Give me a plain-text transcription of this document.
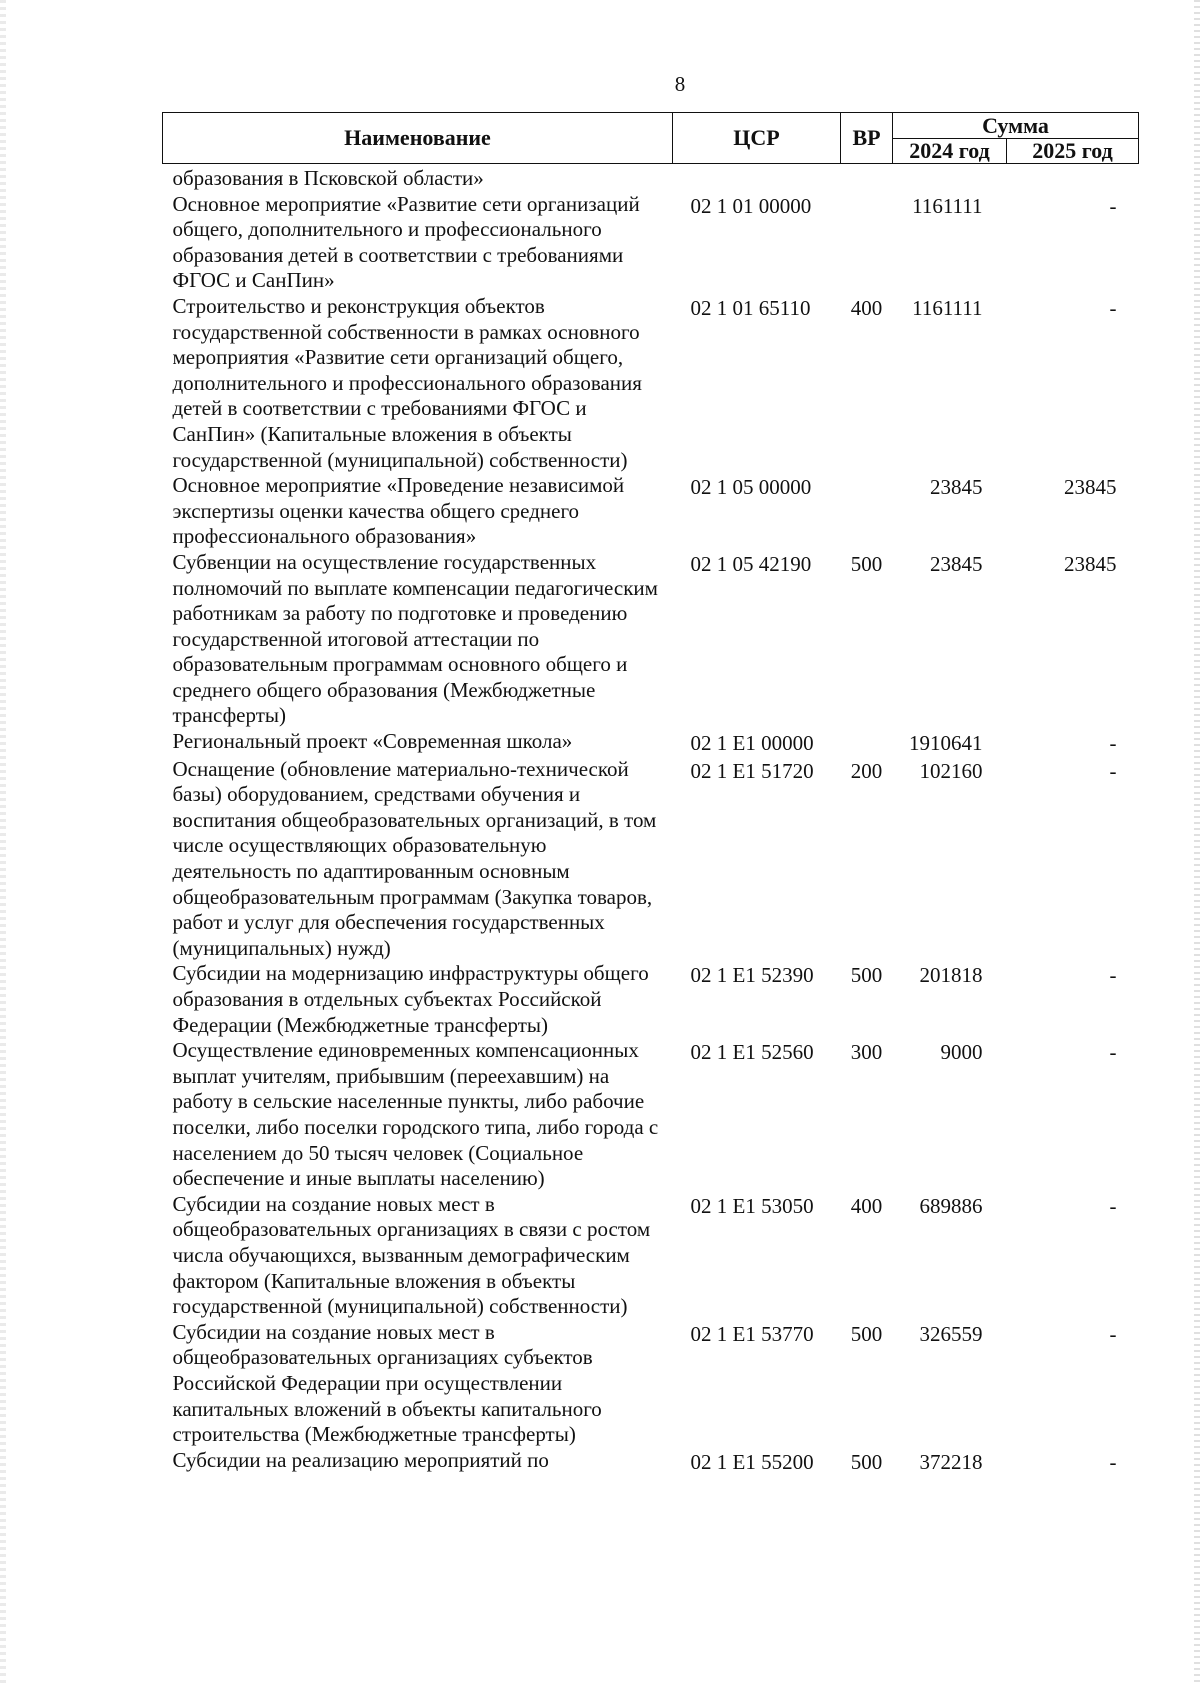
8
Наименование	ЦСР	ВР	Сумма	
			2024 год	2025 год
образования в Псковской области»				
Основное мероприятие «Развитие сети организаций общего, дополнительного и профессионального образования детей в соответствии с требованиями ФГОС и СанПин»	02 1 01 00000		1161111	-
Строительство и реконструкция объектов государственной собственности в рамках основного мероприятия «Развитие сети организаций общего, дополнительного и профессионального образования детей в соответствии с требованиями ФГОС и СанПин» (Капитальные вложения в объекты государственной (муниципальной) собственности)	02 1 01 65110	400	1161111	-
Основное мероприятие «Проведение независимой экспертизы оценки качества общего среднего профессионального образования»	02 1 05 00000		23845	23845
Субвенции на осуществление государственных полномочий по выплате компенсации педагогическим работникам за работу по подготовке и проведению государственной итоговой аттестации по образовательным программам основного общего и среднего общего образования (Межбюджетные трансферты)	02 1 05 42190	500	23845	23845
Региональный проект «Современная школа»	02 1 E1 00000		1910641	-
Оснащение (обновление материально-технической базы) оборудованием, средствами обучения и воспитания общеобразовательных организаций, в том числе осуществляющих образовательную деятельность по адаптированным основным общеобразовательным программам (Закупка товаров, работ и услуг для обеспечения государственных (муниципальных) нужд)	02 1 E1 51720	200	102160	-
Субсидии на модернизацию инфраструктуры общего образования в отдельных субъектах Российской Федерации (Межбюджетные трансферты)	02 1 E1 52390	500	201818	-
Осуществление единовременных компенсационных выплат учителям, прибывшим (переехавшим) на работу в сельские населенные пункты, либо рабочие поселки, либо поселки городского типа, либо города с населением до 50 тысяч человек (Социальное обеспечение и иные выплаты населению)	02 1 E1 52560	300	9000	-
Субсидии на создание новых мест в общеобразовательных организациях в связи с ростом числа обучающихся, вызванным демографическим фактором (Капитальные вложения в объекты государственной (муниципальной) собственности)	02 1 E1 53050	400	689886	-
Субсидии на создание новых мест в общеобразовательных организациях субъектов Российской Федерации при осуществлении капитальных вложений в объекты капитального строительства (Межбюджетные трансферты)	02 1 E1 53770	500	326559	-
Субсидии на реализацию мероприятий по	02 1 E1 55200	500	372218	-
